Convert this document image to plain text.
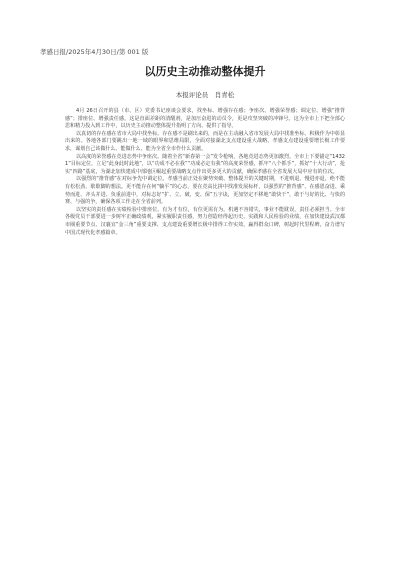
孝感日报/2025年4月30日/第 001 版
以历史主动推动整体提升
本报评论员　肖青松

4月 26日召开的县（市、区）党委书记座谈会要求，找坐标、增强存在感；争座次、增强荣誉感；调定位、增强“推背感”；排座位、增强责任感。这是直面差距的清醒剂，是加压奋进的动员令，更是攻坚突破的冲锋号。这为全市上下把全部心思和精力投入到工作中，以历史主动推动整体提升指明了方向、提供了指导。

以真切的存在感在省市大局中找坐标。存在感不是刷出来的，而是在主动融入省市发展大局中找准坐标、积极作为中彰显出来的。各地各部门要跳出一地一域的眼界和思维局限，全面对接湖北支点建设重大战略、孝感支点建设重要增长极工作要求，谋划自己该做什么、能做什么、能为全省全市作什么贡献。

以高度的荣誉感在竞进态势中争座次。随着全省“新春第一会”发令枪响，各地竞进态势更加激烈。全市上下要锚定“14321”目标定位，立足“此身此时此地”，以“功成不必在我”“功成必定有我”的高度荣誉感，抓牢“八个抓手”，抓好“十大行动”，抢实“四路”基底，为湖北加快建成中部地区崛起重要战略支点作出更多更大的贡献，确保孝感在全省发展大局中应有的位次。

以强烈的“推背感”在对标争先中调定位。孝感当前正处在聚势突破、整体提升的关键时期，不进则退，慢进亦退，绝不能有松松劲、歇歇脚的想法。更不能存在何“躺平”的心态，要在竞高比拼中找准发展标杆，以强烈的“推背感”，在感恩奋进、乘势而进、齐头并进、负重前进中，对标志好“扩、立、破、变、保”五字诀，更加坚定不移地“敢快干”，敢于与好的比、与快的赛、与强的争，确保各项工作走在全省前列。

以坚实的责任感在实绩检验中排座位。有为才有位，有位更需有为。机遇不容错失，事业不能耽误，责任必须担当。全市各级党员干部要进一步树牢正确政绩观，紧实履职责任感，努力创造经得起历史、实践和人民检验的业绩，在加快建设武汉都市圈重要节点、汉襄宜“金三角”重要支撑、支点建设重要增长极中排得工作实效，赢得群众口碑，树起时代里程碑，奋力谱写中国式现代化孝感篇章。
